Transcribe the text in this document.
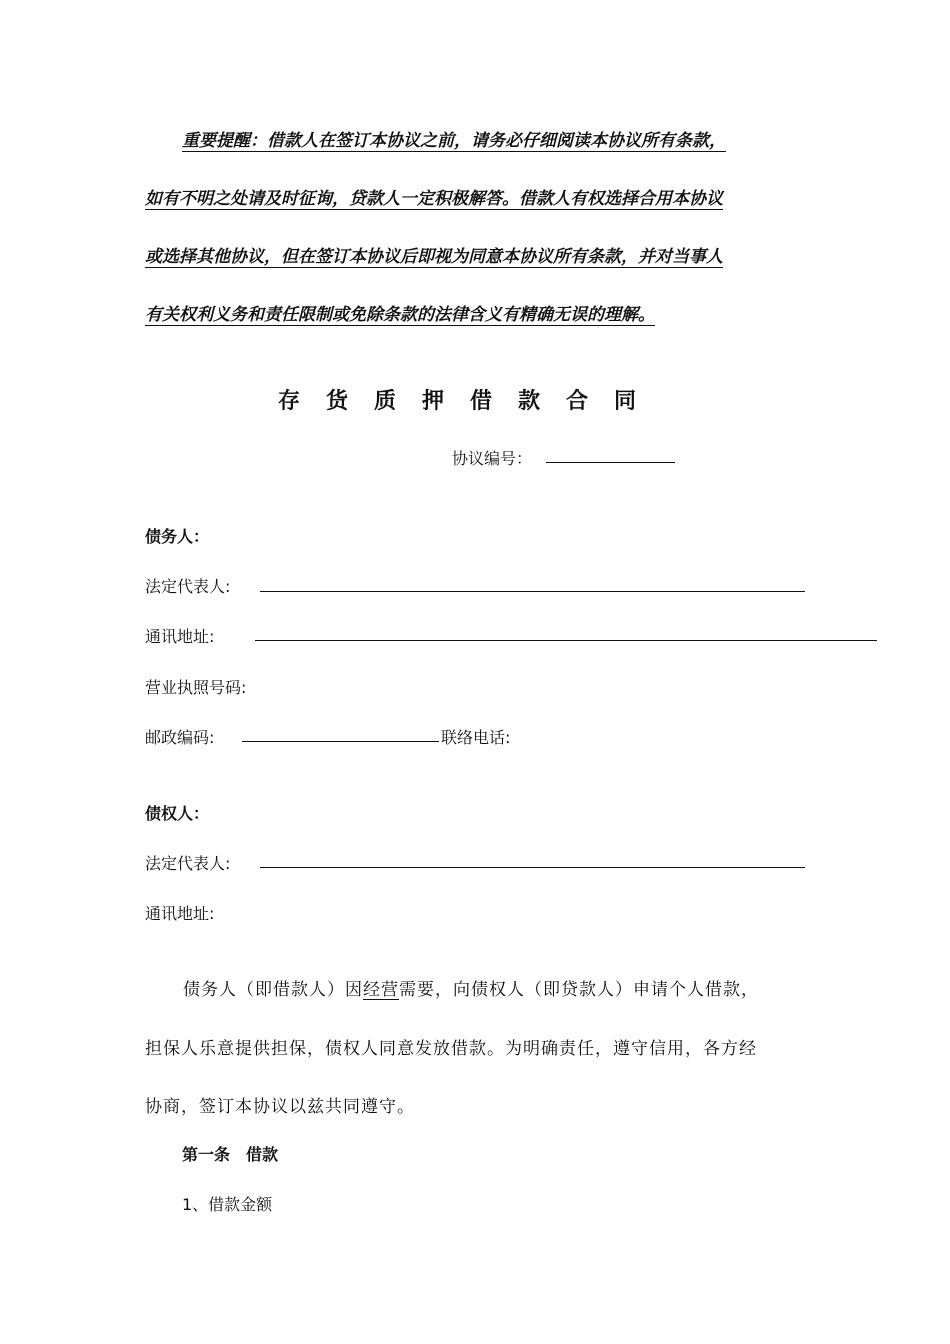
重要提醒：借款人在签订本协议之前，请务必仔细阅读本协议所有条款，
如有不明之处请及时征询，贷款人一定积极解答。借款人有权选择合用本协议
或选择其他协议，但在签订本协议后即视为同意本协议所有条款，并对当事人
有关权利义务和责任限制或免除条款的法律含义有精确无误的理解。
存货质押借款合同
协议编号：
债务人：
法定代表人:
通讯地址:
营业执照号码:
邮政编码:	联络电话:
债权人：
法定代表人:
通讯地址:
债务人（即借款人）因经营需要，向债权人（即贷款人）申请个人借款，
担保人乐意提供担保，债权人同意发放借款。为明确责任，遵守信用，各方经
协商，签订本协议以兹共同遵守。
第一条　借款
1、借款金额
